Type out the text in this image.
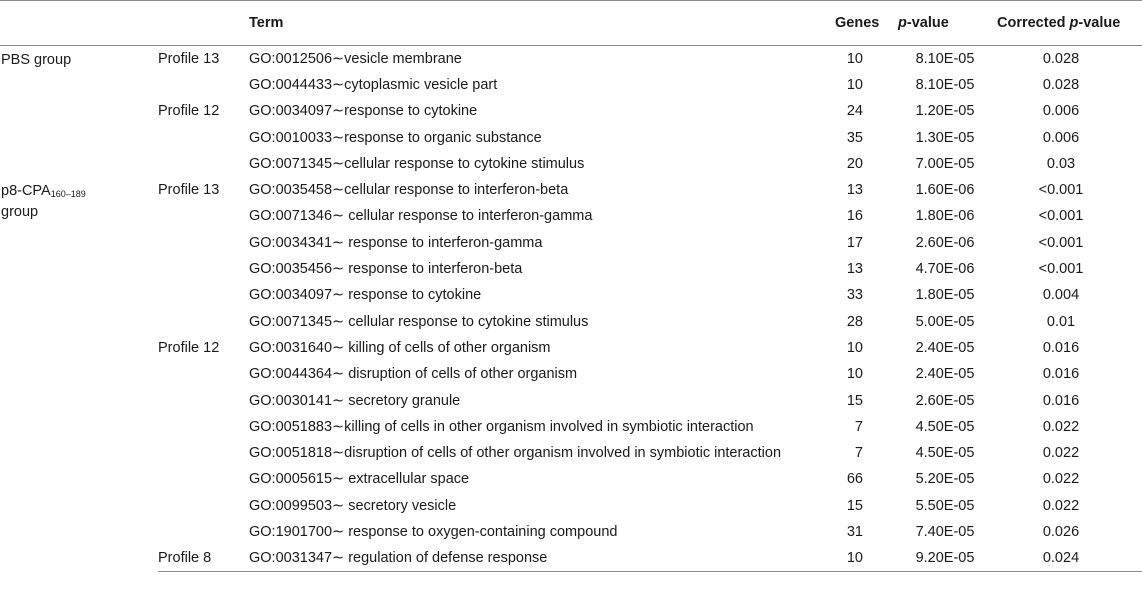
		Term	Genes	p-value	Corrected p-value
PBS group	Profile 13	GO:0012506∼vesicle membrane	10	8.10E-05	0.028
		GO:0044433∼cytoplasmic vesicle part	10	8.10E-05	0.028
	Profile 12	GO:0034097∼response to cytokine	24	1.20E-05	0.006
		GO:0010033∼response to organic substance	35	1.30E-05	0.006
		GO:0071345∼cellular response to cytokine stimulus	20	7.00E-05	0.03
$p8-CPA_{160-189}$
group	Profile 13	GO:0035458∼cellular response to interferon-beta	13	1.60E-06	<0.001
		GO:0071346∼ cellular response to interferon-gamma	16	1.80E-06	<0.001
		GO:0034341∼ response to interferon-gamma	17	2.60E-06	<0.001
		GO:0035456∼ response to interferon-beta	13	4.70E-06	<0.001
		GO:0034097∼ response to cytokine	33	1.80E-05	0.004
		GO:0071345∼ cellular response to cytokine stimulus	28	5.00E-05	0.01
	Profile 12	GO:0031640∼ killing of cells of other organism	10	2.40E-05	0.016
		GO:0044364∼ disruption of cells of other organism	10	2.40E-05	0.016
		GO:0030141∼ secretory granule	15	2.60E-05	0.016
		GO:0051883∼killing of cells in other organism involved in symbiotic interaction	7	4.50E-05	0.022
		GO:0051818∼disruption of cells of other organism involved in symbiotic interaction	7	4.50E-05	0.022
		GO:0005615∼ extracellular space	66	5.20E-05	0.022
		GO:0099503∼ secretory vesicle	15	5.50E-05	0.022
		GO:1901700∼ response to oxygen-containing compound	31	7.40E-05	0.026
	Profile 8	GO:0031347∼ regulation of defense response	10	9.20E-05	0.024
